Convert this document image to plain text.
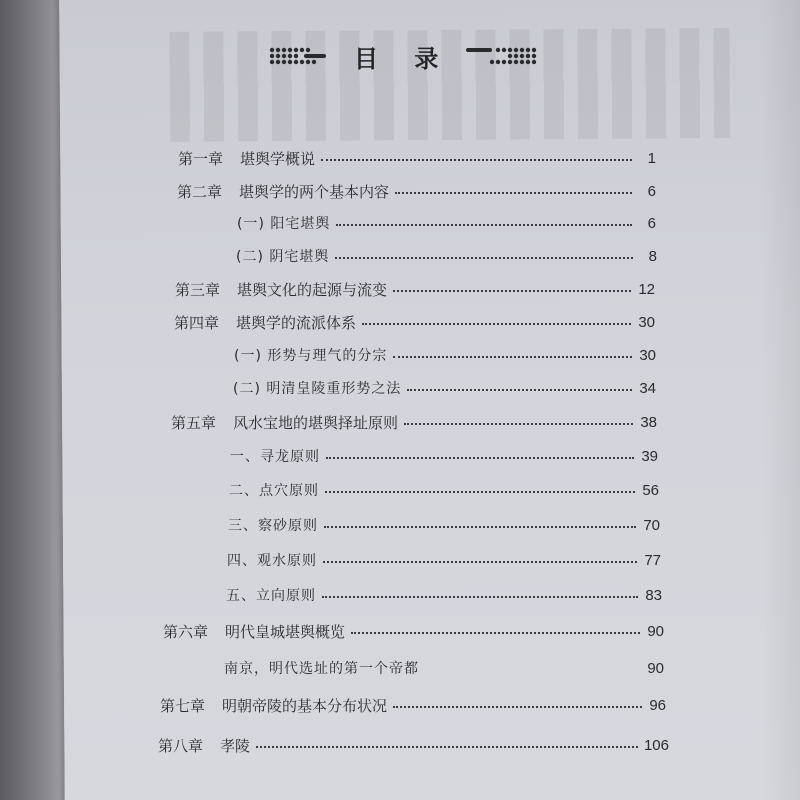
目 录
第一章	堪舆学概说	1
第二章	堪舆学的两个基本内容	6
(一) 阳宅堪舆	6
(二) 阴宅堪舆	8
第三章	堪舆文化的起源与流变	12
第四章	堪舆学的流派体系	30
(一) 形势与理气的分宗	30
(二) 明清皇陵重形势之法	34
第五章	风水宝地的堪舆择址原则	38
一、寻龙原则	39
二、点穴原则	56
三、察砂原则	70
四、观水原则	77
五、立向原则	83
第六章	明代皇城堪舆概览	90
南京，明代选址的第一个帝都	90
第七章	明朝帝陵的基本分布状况	96
第八章	孝陵	106
